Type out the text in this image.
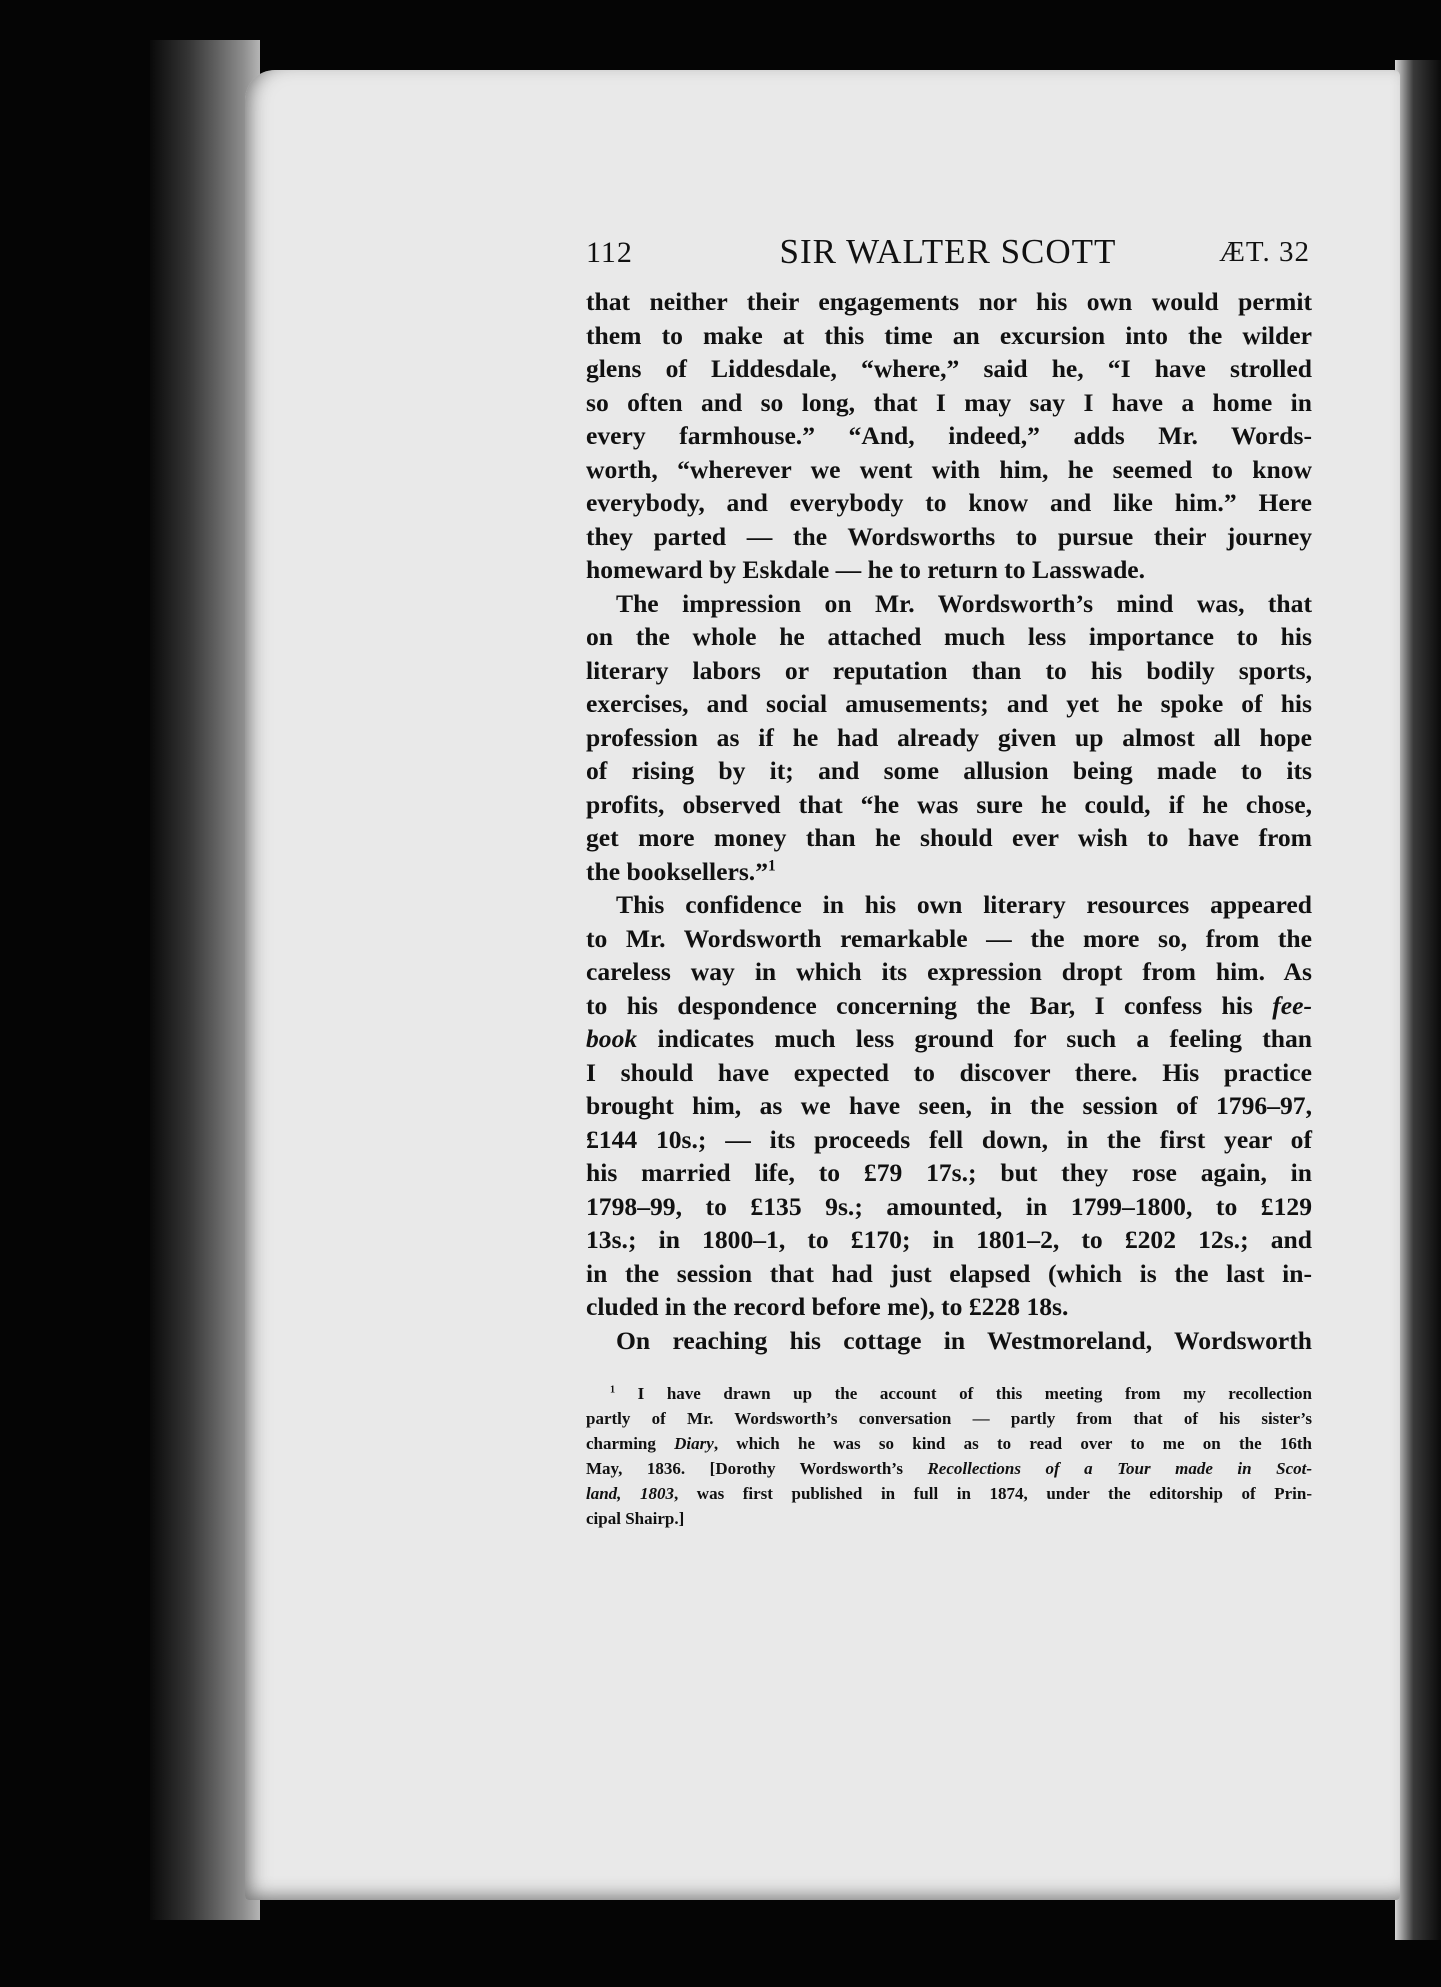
112	SIR WALTER SCOTT	ÆT. 32
that neither their engagements nor his own would permit
them to make at this time an excursion into the wilder
glens of Liddesdale, “where,” said he, “I have strolled
so often and so long, that I may say I have a home in
every farmhouse.” “And, indeed,” adds Mr. Words-
worth, “wherever we went with him, he seemed to know
everybody, and everybody to know and like him.” Here
they parted — the Wordsworths to pursue their journey
homeward by Eskdale — he to return to Lasswade.
The impression on Mr. Wordsworth’s mind was, that
on the whole he attached much less importance to his
literary labors or reputation than to his bodily sports,
exercises, and social amusements; and yet he spoke of his
profession as if he had already given up almost all hope
of rising by it; and some allusion being made to its
profits, observed that “he was sure he could, if he chose,
get more money than he should ever wish to have from
the booksellers.”$^1$
This confidence in his own literary resources appeared
to Mr. Wordsworth remarkable — the more so, from the
careless way in which its expression dropt from him. As
to his despondence concerning the Bar, I confess his fee-
book indicates much less ground for such a feeling than
I should have expected to discover there. His practice
brought him, as we have seen, in the session of 1796–97,
£144 10s.; — its proceeds fell down, in the first year of
his married life, to £79 17s.; but they rose again, in
1798–99, to £135 9s.; amounted, in 1799–1800, to £129
13s.; in 1800–1, to £170; in 1801–2, to £202 12s.; and
in the session that had just elapsed (which is the last in-
cluded in the record before me), to £228 18s.
On reaching his cottage in Westmoreland, Wordsworth
$^1$ I have drawn up the account of this meeting from my recollection
partly of Mr. Wordsworth’s conversation — partly from that of his sister’s
charming Diary, which he was so kind as to read over to me on the 16th
May, 1836. [Dorothy Wordsworth’s Recollections of a Tour made in Scot-
land, 1803, was first published in full in 1874, under the editorship of Prin-
cipal Shairp.]
